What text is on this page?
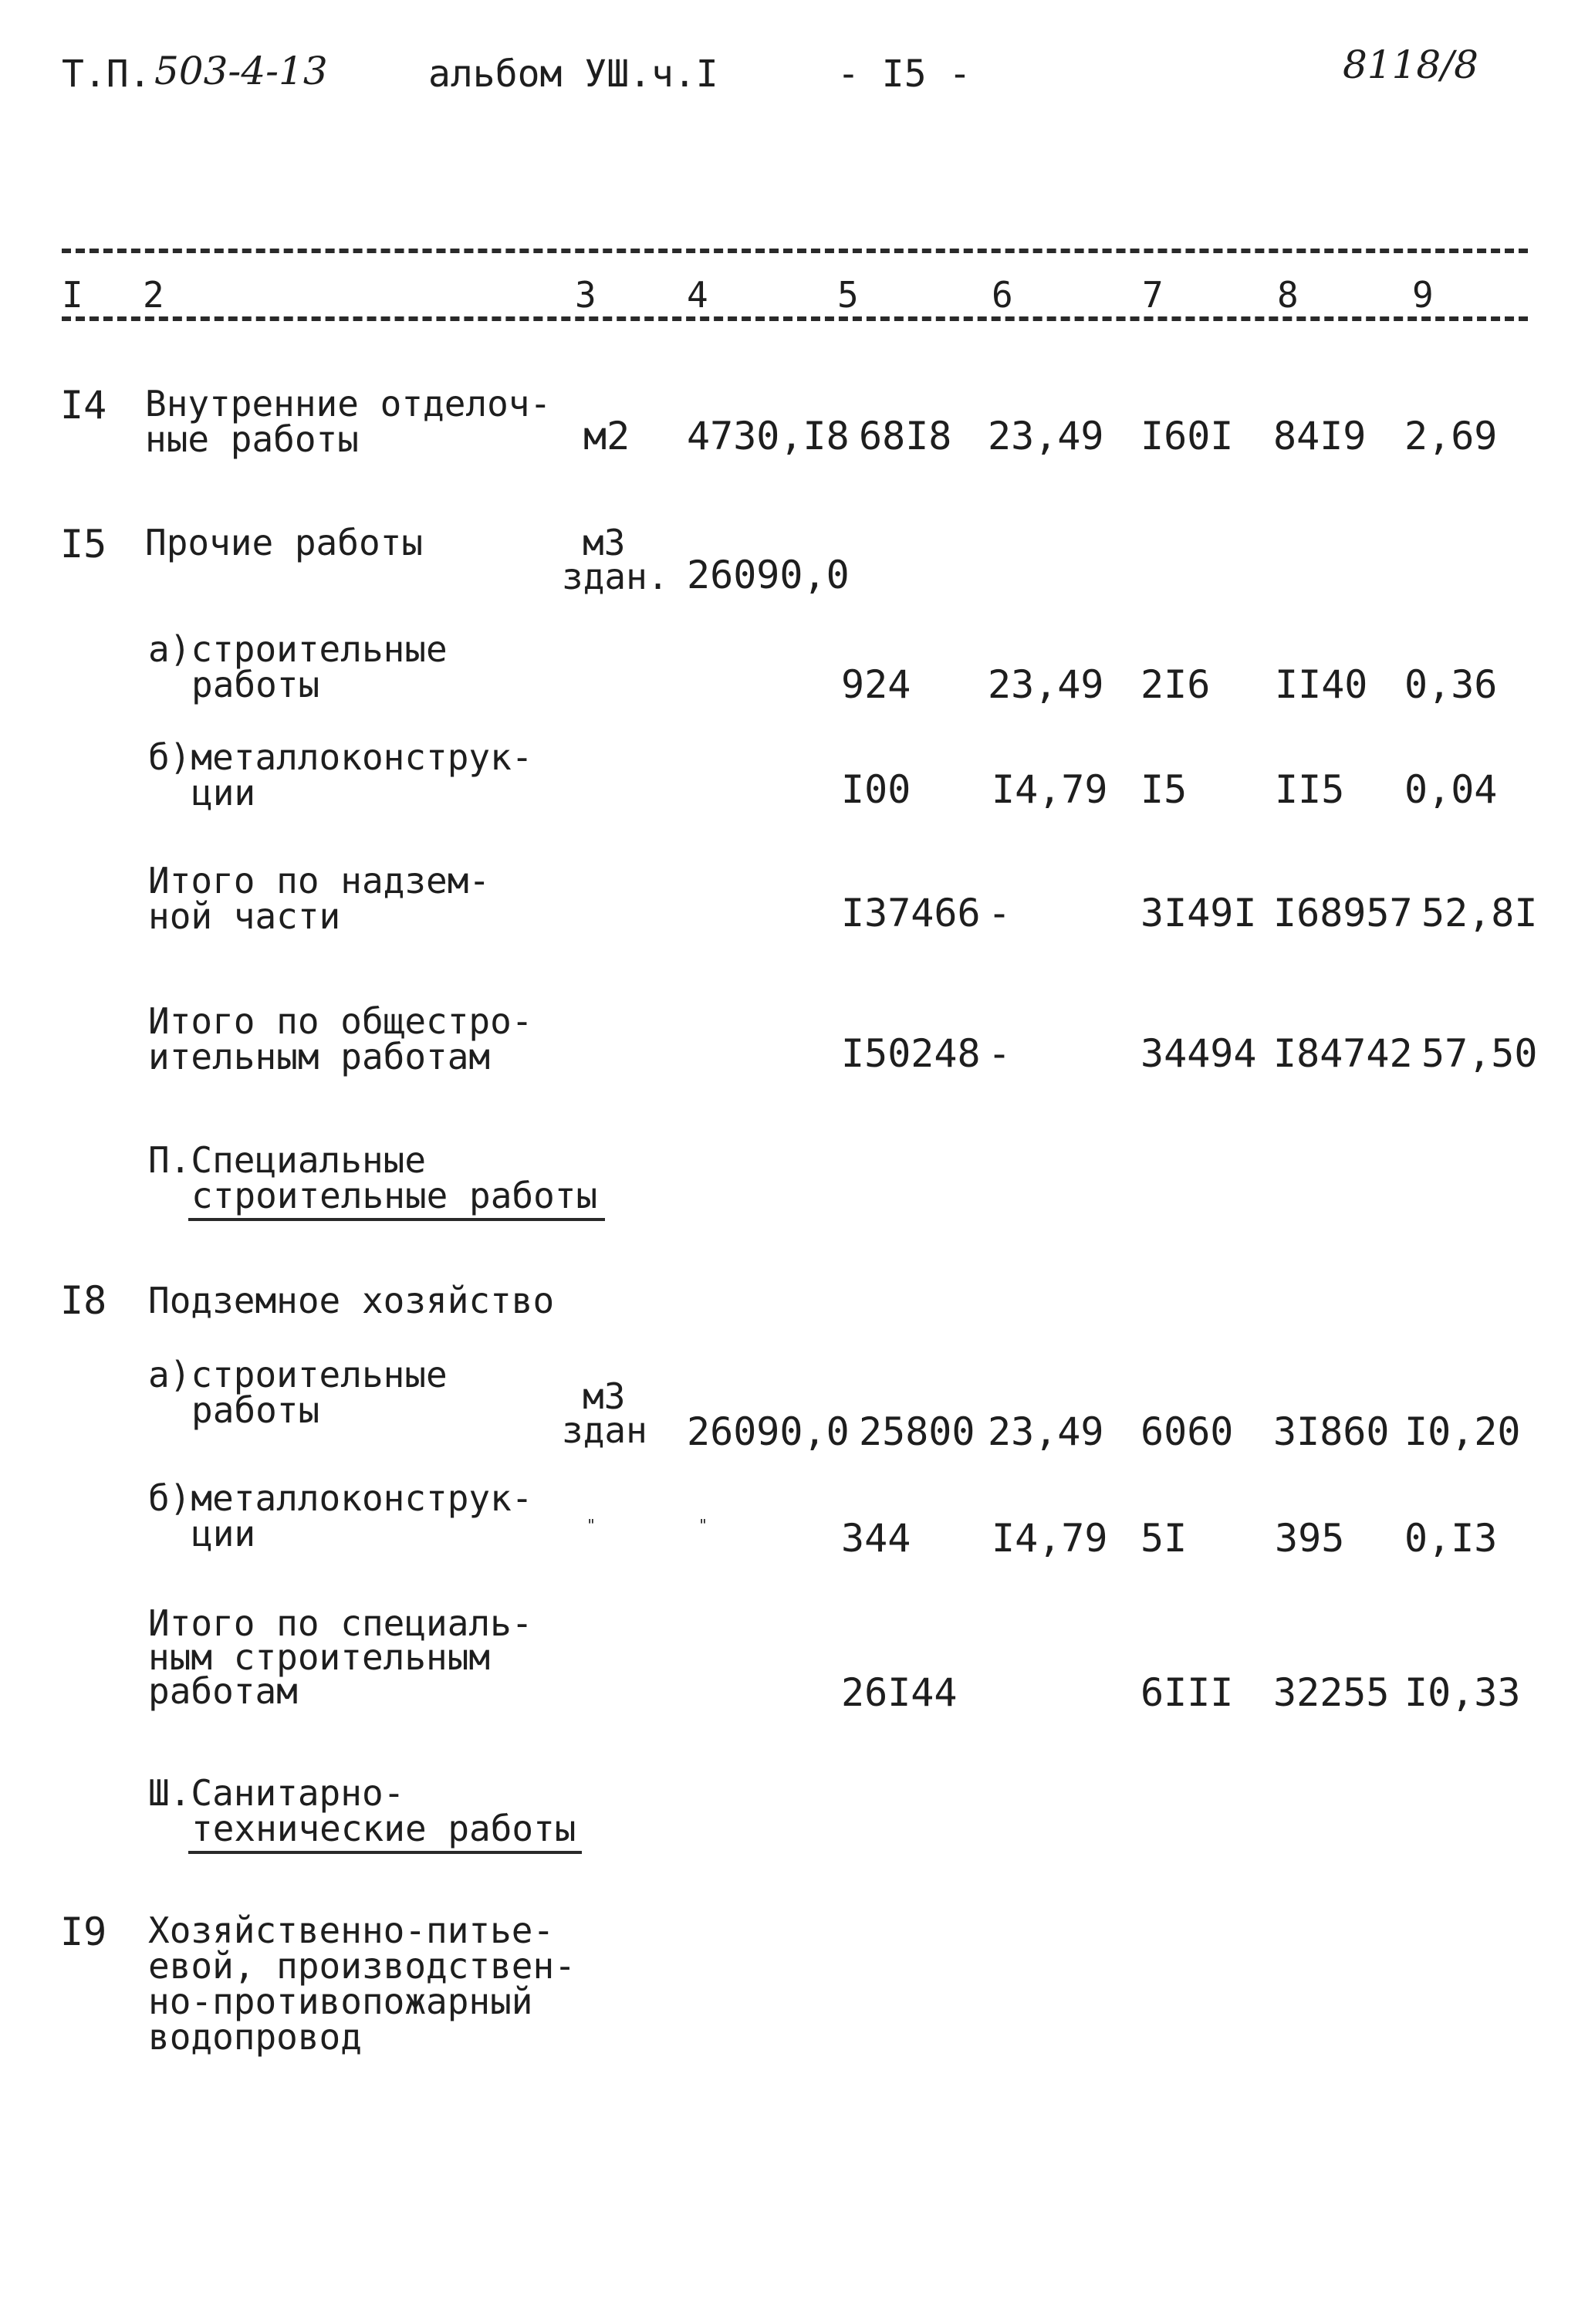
Т.П. 503-4-13	альбом УШ.ч.I	- I5 -	8118/8
I 2	3	4	5	6	7	8	9
I4 Внутренние отделоч-
ные работы	м2 4730,I8 68I8 23,49 I60I 84I9 2,69
I5 Прочие работы	м3
здан. 26090,0
а)строительные
работы	924 23,49 2I6 II40 0,36
б)металлоконструк-
ции	I00 I4,79 I5 II5 0,04
Итого по надзем-
ной части	I37466 -	3I49I I68957 52,8I
Итого по общестро-
ительным работам	I50248 -	34494 I84742 57,50
П.Специальные
строительные работы
I8 Подземное хозяйство
а)строительные
работы	м3
здан 26090,0 25800 23,49 6060 3I860 I0,20
б)металлоконструк-
ции	"	"	344 I4,79 5I 395 0,I3
Итого по специаль-
ным строительным
работам	26I44	6III 32255 I0,33
Ш.Санитарно-
технические работы
I9 Хозяйственно-питье-
евой, производствен-
но-противопожарный
водопровод
